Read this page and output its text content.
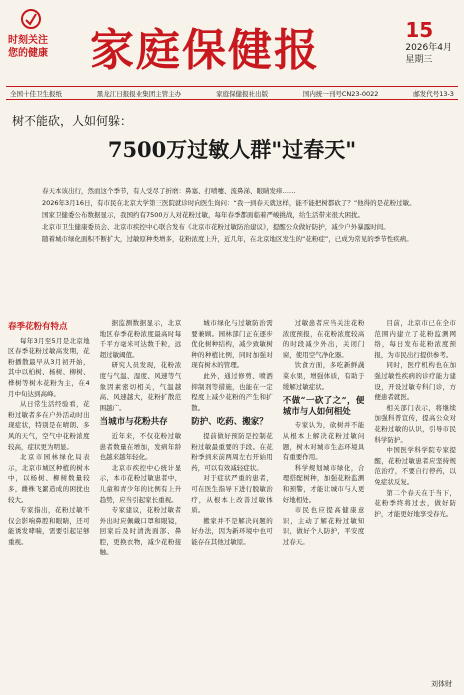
时刻关注
您的健康 家庭保健报	15
2026年4月
星期三
全国十佳卫生报纸	黑龙江日报报业集团主管主办	家庭保健报社出版	国内统一刊号CN23-0022	邮发代号13-3
树不能砍，人如何躲：
7500万过敏人群"过春天"

春天本该出行，然而这个季节，有人受尽了折磨：鼻塞、打喷嚏、流鼻涕、眼睛发痒……

2026年3月16日，有市民在北京大学第三医院就诊时向医生询问：“我一到春天就这样，能不能把树都砍了？”他得的是花粉过敏。

国家卫健委公布数据显示，我国约有7500万人对花粉过敏，每年春季都面临着严峻挑战，给生活带来很大困扰。

北京市卫生健康委员会、北京市疾控中心联合发布《北京市花粉过敏防治建议》，提醒公众做好防护，减少户外暴露时间。

随着城市绿化面积不断扩大，过敏原种类增多，花粉浓度上升，近几年，在北京地区发生的“花粉症”，已成为常见的季节性疾病。

春季花粉有特点

每年3月至5月是北京地区春季花粉过敏高发期，花粉播散最早从3月初开始，其中以柏树、杨树、柳树、桦树等树木花粉为主，在4月中旬达到高峰。

从日常生活经验看，花粉过敏者多在户外活动时出现症状，特别是在晴朗、多风的天气，空气中花粉浓度较高，症状更为明显。

北京市园林绿化局表示，北京市城区种植的树木中，以杨树、柳树数量较多，雌株飞絮造成的困扰也较大。

专家指出，花粉过敏不仅会影响鼻腔和眼睛，还可能诱发哮喘，需要引起足够重视。

据监测数据显示，北京地区春季花粉浓度最高时每千平方毫米可达数千粒，远超过敏阈值。

研究人员发现，花粉浓度与气温、湿度、风速等气象因素密切相关，气温越高、风速越大，花粉扩散范围越广。

当城市与花粉共存

近年来，不仅花粉过敏患者数量在增加，发病年龄也越来越年轻化。

北京市疾控中心统计显示，本市花粉过敏患者中，儿童和青少年的比例有上升趋势，应当引起家长重视。

专家建议，花粉过敏者外出时应佩戴口罩和眼镜，回家后及时清洗面部、鼻腔，更换衣物，减少花粉接触。

城市绿化与过敏防治需要兼顾。园林部门正在逐步优化树种结构，减少致敏树种的种植比例，同时加强对现有树木的管理。

此外，通过修剪、喷洒抑制剂等措施，也能在一定程度上减少花粉的产生和扩散。

防护、吃药、搬家？

提前做好预防是控制花粉过敏最重要的手段。在花粉季到来前两周左右开始用药，可以有效减轻症状。

对于症状严重的患者，可在医生指导下进行脱敏治疗，从根本上改善过敏体质。

搬家并不是解决问题的好办法，因为新环境中也可能存在其他过敏原。

过敏患者应当关注花粉浓度预报，在花粉浓度较高的时段减少外出，关闭门窗，使用空气净化器。

饮食方面，多吃新鲜蔬菜水果，增强体质，有助于缓解过敏症状。

不做“一砍了之”，便城市与人如何相处

专家认为，砍树并不能从根本上解决花粉过敏问题，树木对城市生态环境具有重要作用。

科学规划城市绿化，合理搭配树种，加强花粉监测和预警，才能让城市与人更好地相处。

市民也应提高健康意识，主动了解花粉过敏知识，做好个人防护，平安度过春天。

目前，北京市已在全市范围内建立了花粉监测网络，每日发布花粉浓度预报，为市民出行提供参考。

同时，医疗机构也在加强过敏性疾病的诊疗能力建设，开设过敏专科门诊，方便患者就医。

相关部门表示，将继续加强科普宣传，提高公众对花粉过敏的认识，引导市民科学防护。

中国医学科学院专家提醒，花粉过敏患者应坚持规范治疗，不要自行停药，以免症状反复。

第二个春天在于当下，花粉季终将过去，做好防护，才能更好地享受春光。

刘体财
